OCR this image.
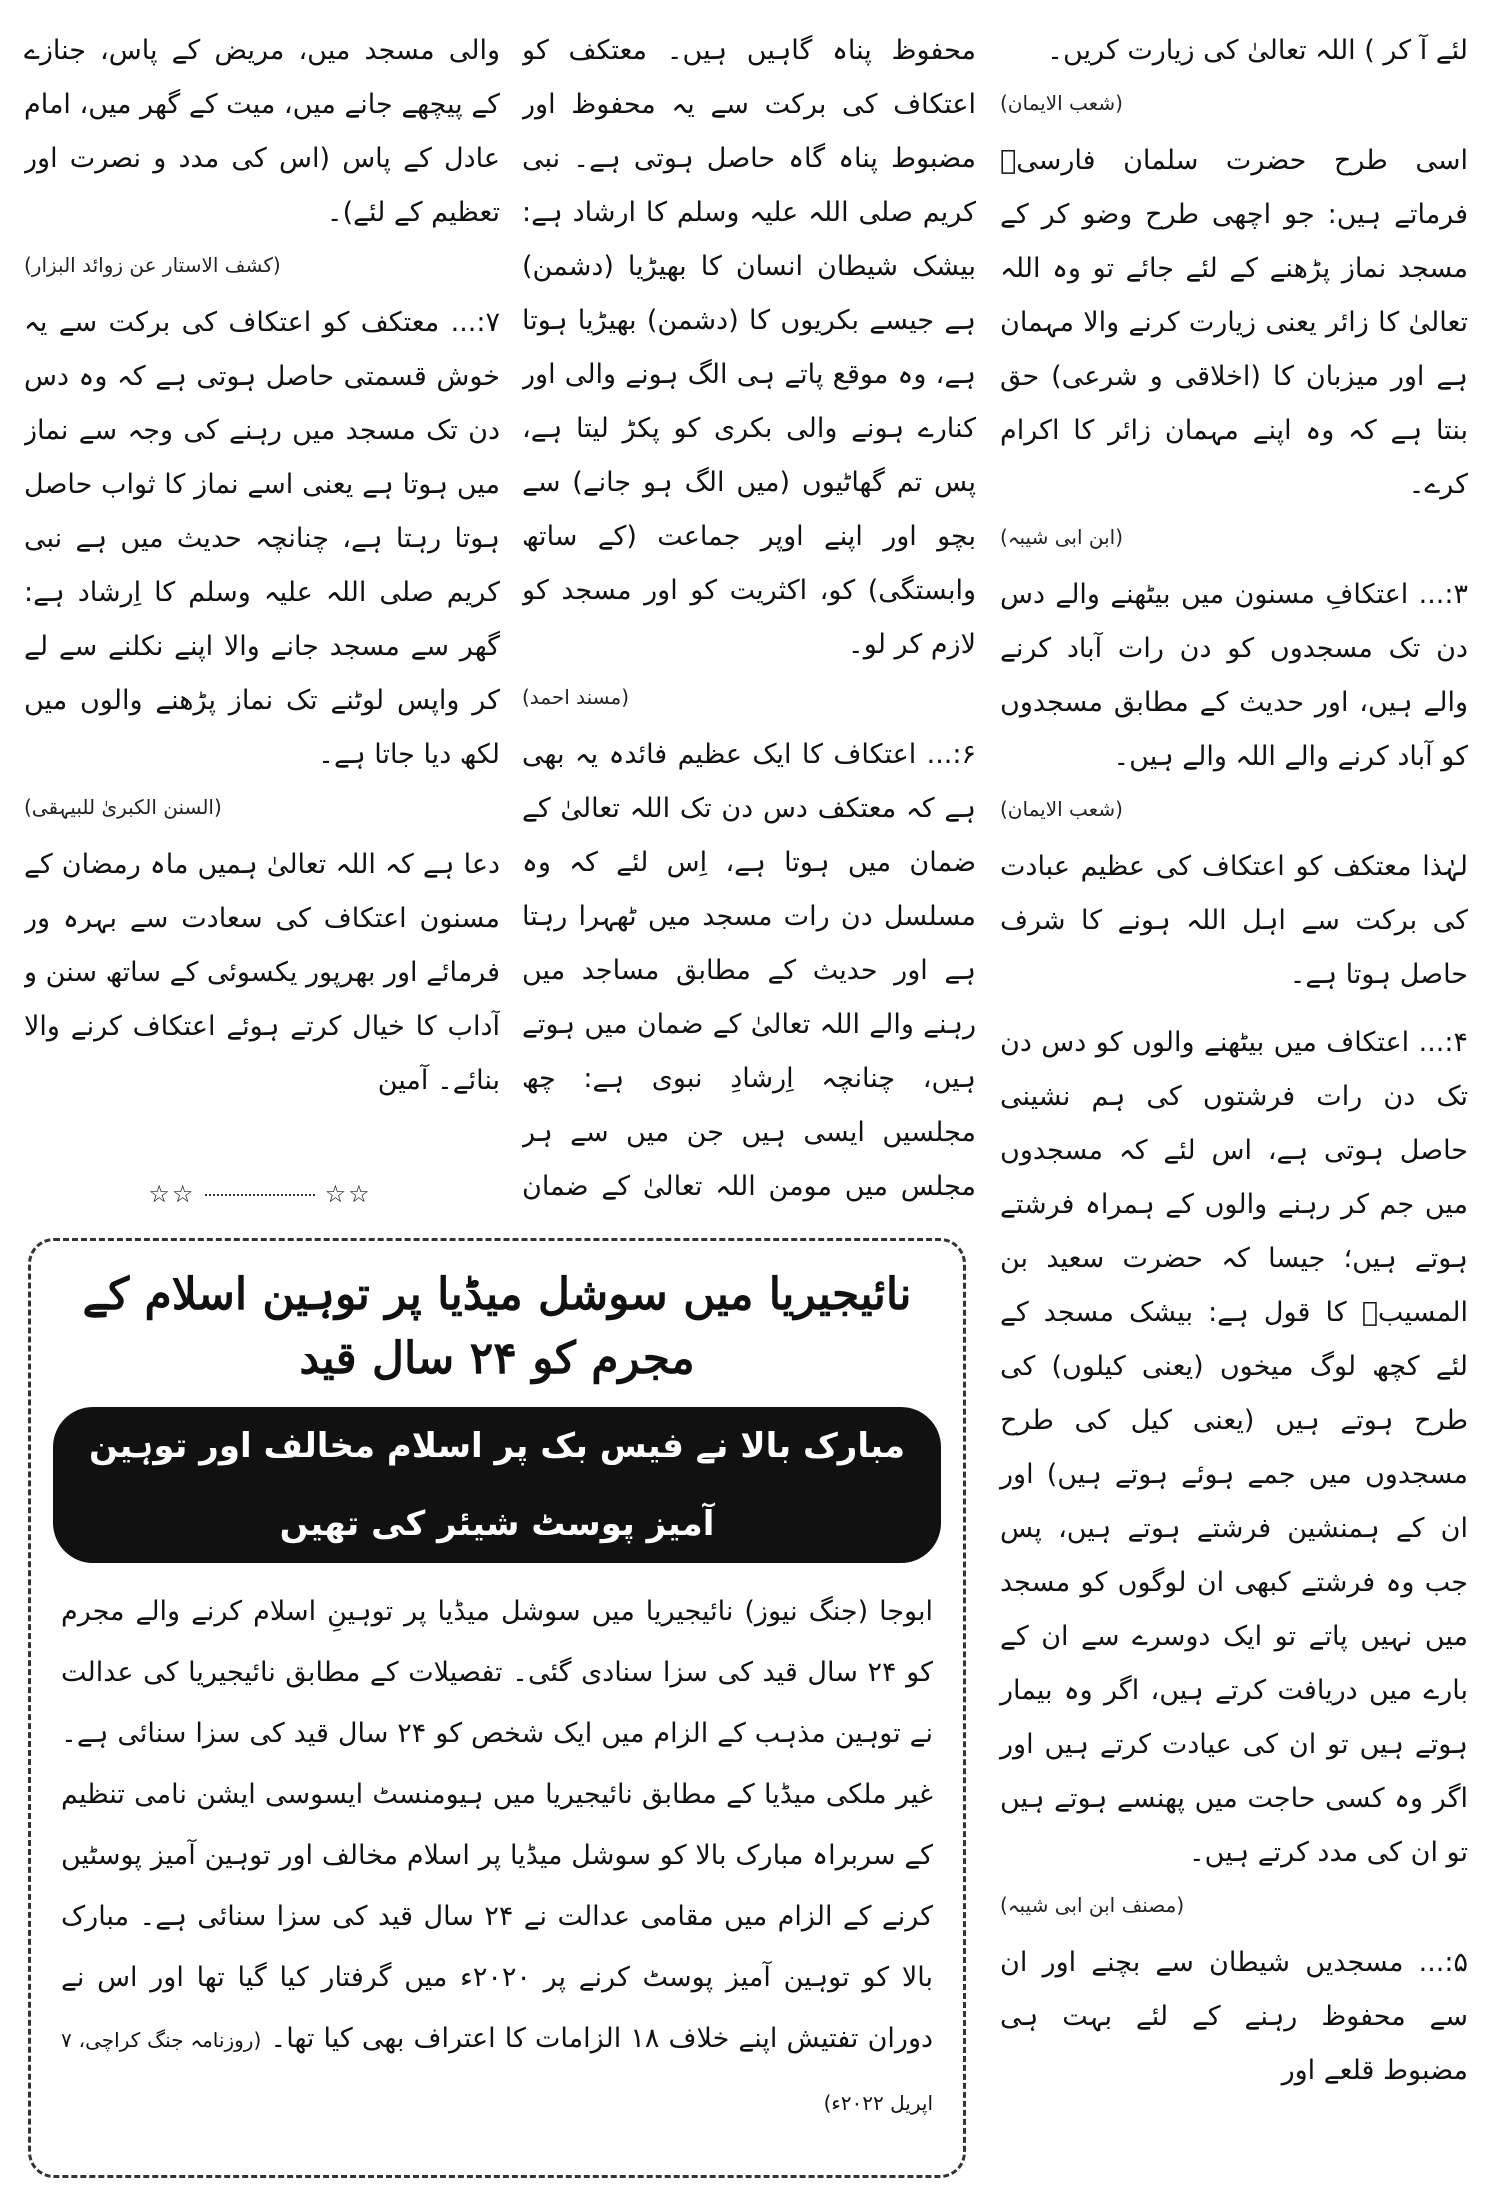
لئے آ کر ) اللہ تعالیٰ کی زیارت کریں۔

(شعب الایمان)

اسی طرح حضرت سلمان فارسیؓ فرماتے ہیں: جو اچھی طرح وضو کر کے مسجد نماز پڑھنے کے لئے جائے تو وہ اللہ تعالیٰ کا زائر یعنی زیارت کرنے والا مہمان ہے اور میزبان کا (اخلاقی و شرعی) حق بنتا ہے کہ وہ اپنے مہمان زائر کا اکرام کرے۔

(ابن ابی شیبہ)

۳:... اعتکافِ مسنون میں بیٹھنے والے دس دن تک مسجدوں کو دن رات آباد کرنے والے ہیں، اور حدیث کے مطابق مسجدوں کو آباد کرنے والے اللہ والے ہیں۔

(شعب الایمان)

لہٰذا معتکف کو اعتکاف کی عظیم عبادت کی برکت سے اہل اللہ ہونے کا شرف حاصل ہوتا ہے۔

۴:... اعتکاف میں بیٹھنے والوں کو دس دن تک دن رات فرشتوں کی ہم نشینی حاصل ہوتی ہے، اس لئے کہ مسجدوں میں جم کر رہنے والوں کے ہمراہ فرشتے ہوتے ہیں؛ جیسا کہ حضرت سعید بن المسیبؒ کا قول ہے: بیشک مسجد کے لئے کچھ لوگ میخوں (یعنی کیلوں) کی طرح ہوتے ہیں (یعنی کیل کی طرح مسجدوں میں جمے ہوئے ہوتے ہیں) اور ان کے ہمنشین فرشتے ہوتے ہیں، پس جب وہ فرشتے کبھی ان لوگوں کو مسجد میں نہیں پاتے تو ایک دوسرے سے ان کے بارے میں دریافت کرتے ہیں، اگر وہ بیمار ہوتے ہیں تو ان کی عیادت کرتے ہیں اور اگر وہ کسی حاجت میں پھنسے ہوتے ہیں تو ان کی مدد کرتے ہیں۔

(مصنف ابن ابی شیبہ)

۵:... مسجدیں شیطان سے بچنے اور ان سے محفوظ رہنے کے لئے بہت ہی مضبوط قلعے اور

محفوظ پناہ گاہیں ہیں۔ معتکف کو اعتکاف کی برکت سے یہ محفوظ اور مضبوط پناہ گاہ حاصل ہوتی ہے۔ نبی کریم صلی اللہ علیہ وسلم کا ارشاد ہے: بیشک شیطان انسان کا بھیڑیا (دشمن) ہے جیسے بکریوں کا (دشمن) بھیڑیا ہوتا ہے، وہ موقع پاتے ہی الگ ہونے والی اور کنارے ہونے والی بکری کو پکڑ لیتا ہے، پس تم گھاٹیوں (میں الگ ہو جانے) سے بچو اور اپنے اوپر جماعت (کے ساتھ وابستگی) کو، اکثریت کو اور مسجد کو لازم کر لو۔

(مسند احمد)

۶:... اعتکاف کا ایک عظیم فائدہ یہ بھی ہے کہ معتکف دس دن تک اللہ تعالیٰ کے ضمان میں ہوتا ہے، اِس لئے کہ وہ مسلسل دن رات مسجد میں ٹھہرا رہتا ہے اور حدیث کے مطابق مساجد میں رہنے والے اللہ تعالیٰ کے ضمان میں ہوتے ہیں، چنانچہ اِرشادِ نبوی ہے: چھ مجلسیں ایسی ہیں جن میں سے ہر مجلس میں مومن اللہ تعالیٰ کے ضمان

والی مسجد میں، مریض کے پاس، جنازے کے پیچھے جانے میں، میت کے گھر میں، امام عادل کے پاس (اس کی مدد و نصرت اور تعظیم کے لئے)۔

(کشف الاستار عن زوائد البزار)

۷:... معتکف کو اعتکاف کی برکت سے یہ خوش قسمتی حاصل ہوتی ہے کہ وہ دس دن تک مسجد میں رہنے کی وجہ سے نماز میں ہوتا ہے یعنی اسے نماز کا ثواب حاصل ہوتا رہتا ہے، چنانچہ حدیث میں ہے نبی کریم صلی اللہ علیہ وسلم کا اِرشاد ہے: گھر سے مسجد جانے والا اپنے نکلنے سے لے کر واپس لوٹنے تک نماز پڑھنے والوں میں لکھ دیا جاتا ہے۔

(السنن الکبریٰ للبیہقی)

دعا ہے کہ اللہ تعالیٰ ہمیں ماہ رمضان کے مسنون اعتکاف کی سعادت سے بہرہ ور فرمائے اور بھرپور یکسوئی کے ساتھ سنن و آداب کا خیال کرتے ہوئے اعتکاف کرنے والا بنائے۔ آمین

☆☆	☆☆
نائیجیریا میں سوشل میڈیا پر توہین اسلام کے مجرم کو ۲۴ سال قید
مبارک بالا نے فیس بک پر اسلام مخالف اور توہین آمیز پوسٹ شیئر کی تھیں

ابوجا (جنگ نیوز) نائیجیریا میں سوشل میڈیا پر توہینِ اسلام کرنے والے مجرم کو ۲۴ سال قید کی سزا سنادی گئی۔ تفصیلات کے مطابق نائیجیریا کی عدالت نے توہین مذہب کے الزام میں ایک شخص کو ۲۴ سال قید کی سزا سنائی ہے۔ غیر ملکی میڈیا کے مطابق نائیجیریا میں ہیومنسٹ ایسوسی ایشن نامی تنظیم کے سربراہ مبارک بالا کو سوشل میڈیا پر اسلام مخالف اور توہین آمیز پوسٹیں کرنے کے الزام میں مقامی عدالت نے ۲۴ سال قید کی سزا سنائی ہے۔ مبارک بالا کو توہین آمیز پوسٹ کرنے پر ۲۰۲۰ء میں گرفتار کیا گیا تھا اور اس نے دوران تفتیش اپنے خلاف ۱۸ الزامات کا اعتراف بھی کیا تھا۔ (روزنامہ جنگ کراچی، ۷ اپریل ۲۰۲۲ء)
